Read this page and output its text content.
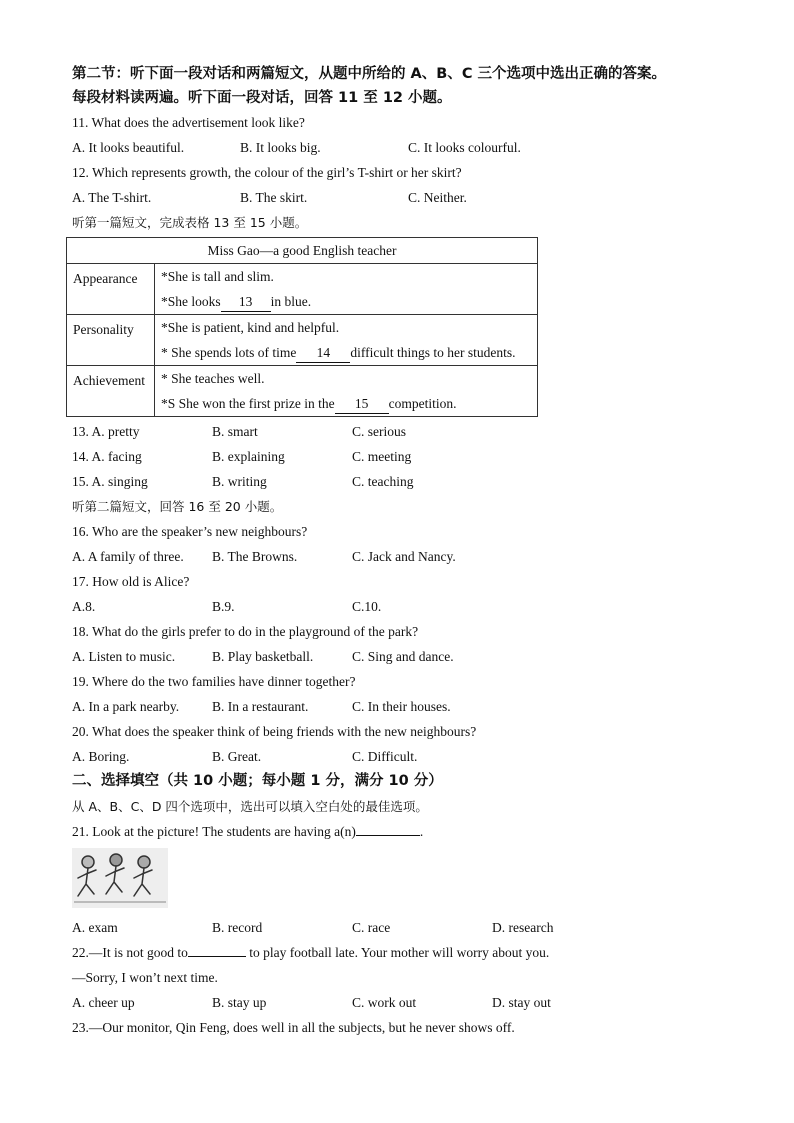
第二节：听下面一段对话和两篇短文，从题中所给的 A、B、C 三个选项中选出正确的答案。
每段材料读两遍。听下面一段对话，回答 11 至 12 小题。
11. What does the advertisement look like?
A. It looks beautiful.	B. It looks big.	C. It looks colourful.
12. Which represents growth, the colour of the girl’s T-shirt or her skirt?
A. The T-shirt.	B. The skirt.	C. Neither.
听第一篇短文，完成表格 13 至 15 小题。
Miss Gao—a good English teacher	
Appearance	*She is tall and slim.
*She looks 13 in blue.

Personality	*She is patient, kind and helpful.
* She spends lots of time 14 difficult things to her students.

Achievement	* She teaches well.
*S She won the first prize in the 15 competition.
13. A. pretty	B. smart	C. serious
14. A. facing	B. explaining	C. meeting
15. A. singing	B. writing	C. teaching
听第二篇短文，回答 16 至 20 小题。
16. Who are the speaker’s new neighbours?
A. A family of three. B. The Browns.	C. Jack and Nancy.
17. How old is Alice?
A.8.	B.9.	C.10.
18. What do the girls prefer to do in the playground of the park?
A. Listen to music.	B. Play basketball.	C. Sing and dance.
19. Where do the two families have dinner together?
A. In a park nearby. B. In a restaurant.	C. In their houses.
20. What does the speaker think of being friends with the new neighbours?
A. Boring.	B. Great.	C. Difficult.
二、选择填空（共 10 小题；每小题 1 分，满分 10 分）
从 A、B、C、D 四个选项中，选出可以填入空白处的最佳选项。
21. Look at the picture! The students are having a(n)	.
A. exam	B. record	C. race	D. research
22.—It is not good to	to play football late. Your mother will worry about you.
—Sorry, I won’t next time.
A. cheer up	B. stay up	C. work out	D. stay out
23.—Our monitor, Qin Feng, does well in all the subjects, but he never shows off.
